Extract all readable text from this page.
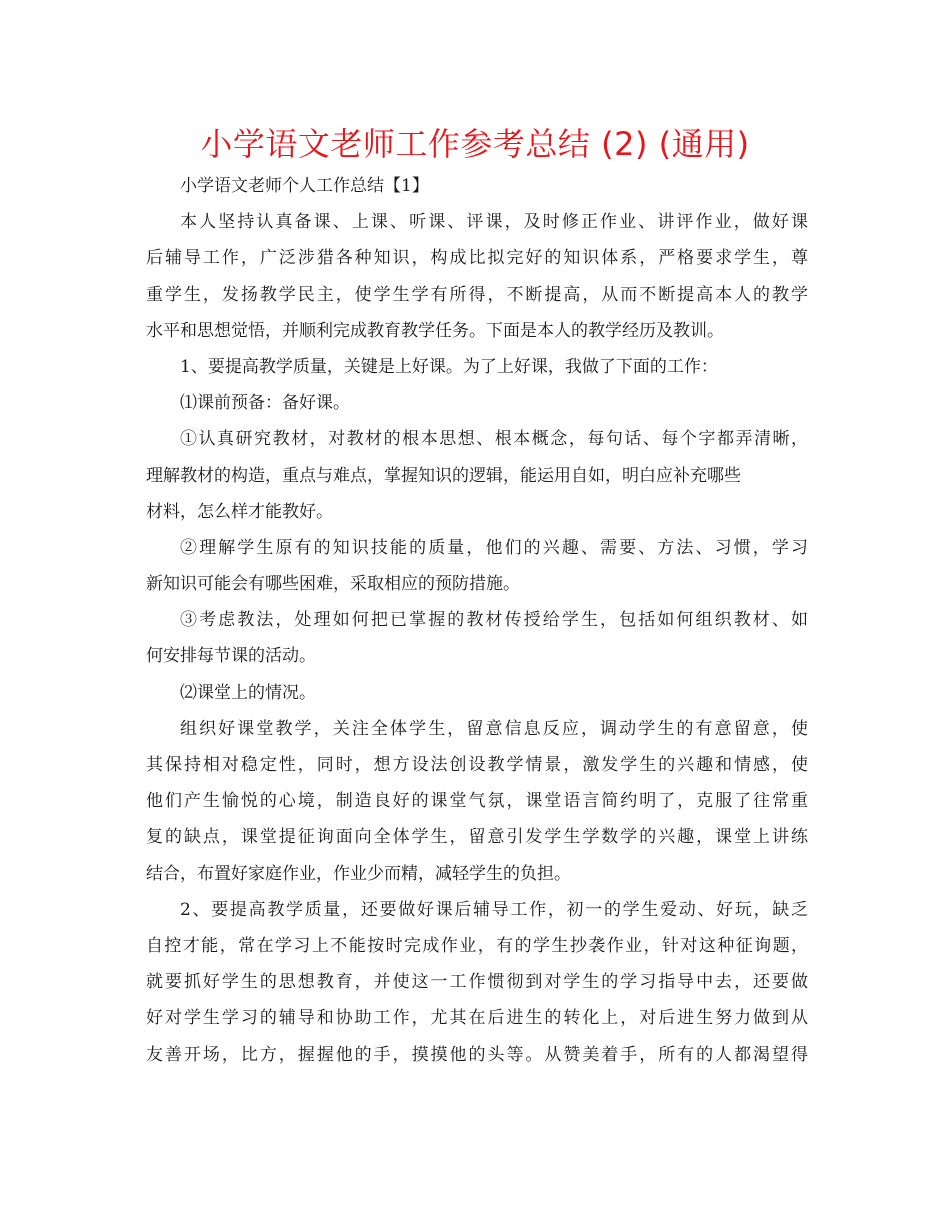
小学语文老师工作参考总结 (2) (通用)
小学语文老师个人工作总结【1】
本人坚持认真备课、上课、听课、评课，及时修正作业、讲评作业，做好课
后辅导工作，广泛涉猎各种知识，构成比拟完好的知识体系，严格要求学生，尊
重学生，发扬教学民主，使学生学有所得，不断提高，从而不断提高本人的教学
水平和思想觉悟，并顺利完成教育教学任务。下面是本人的教学经历及教训。
1、要提高教学质量，关键是上好课。为了上好课，我做了下面的工作：
⑴课前预备：备好课。
①认真研究教材，对教材的根本思想、根本概念，每句话、每个字都弄清晰，
理解教材的构造，重点与难点，掌握知识的逻辑，能运用自如，明白应补充哪些
材料，怎么样才能教好。
②理解学生原有的知识技能的质量，他们的兴趣、需要、方法、习惯，学习
新知识可能会有哪些困难，采取相应的预防措施。
③考虑教法，处理如何把已掌握的教材传授给学生，包括如何组织教材、如
何安排每节课的活动。
⑵课堂上的情况。
组织好课堂教学，关注全体学生，留意信息反应，调动学生的有意留意，使
其保持相对稳定性，同时，想方设法创设教学情景，激发学生的兴趣和情感，使
他们产生愉悦的心境，制造良好的课堂气氛，课堂语言简约明了，克服了往常重
复的缺点，课堂提征询面向全体学生，留意引发学生学数学的兴趣，课堂上讲练
结合，布置好家庭作业，作业少而精，减轻学生的负担。
2、要提高教学质量，还要做好课后辅导工作，初一的学生爱动、好玩，缺乏
自控才能，常在学习上不能按时完成作业，有的学生抄袭作业，针对这种征询题，
就要抓好学生的思想教育，并使这一工作惯彻到对学生的学习指导中去，还要做
好对学生学习的辅导和协助工作，尤其在后进生的转化上，对后进生努力做到从
友善开场，比方，握握他的手，摸摸他的头等。从赞美着手，所有的人都渴望得
